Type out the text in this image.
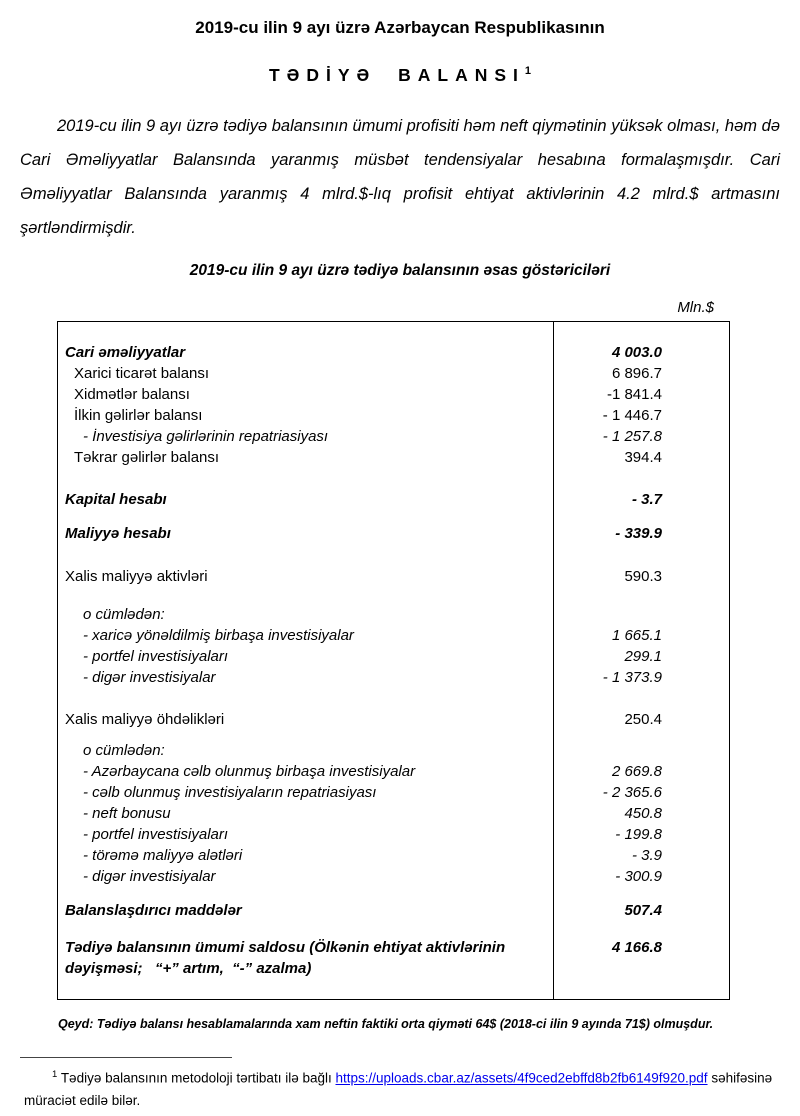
2019-cu ilin 9 ayı üzrə Azərbaycan Respublikasının
TƏDİYƏ BALANSI$^1$

2019-cu ilin 9 ayı üzrə tədiyə balansının ümumi profisiti həm neft qiymətinin yüksək olması, həm də Cari Əməliyyatlar Balansında yaranmış müsbət tendensiyalar hesabına formalaşmışdır. Cari Əməliyyatlar Balansında yaranmış 4 mlrd.$-lıq profisit ehtiyat aktivlərinin 4.2 mlrd.$ artmasını şərtləndirmişdir.

2019-cu ilin 9 ayı üzrə tədiyə balansının əsas göstəriciləri
Mln.$
Cari əməliyyatlar	4 003.0
Xarici ticarət balansı	6 896.7
Xidmətlər balansı	-1 841.4
İlkin gəlirlər balansı	- 1 446.7
- İnvestisiya gəlirlərinin repatriasiyası	- 1 257.8
Təkrar gəlirlər balansı	394.4
Kapital hesabı	- 3.7
Maliyyə hesabı	- 339.9
Xalis maliyyə aktivləri	590.3
o cümlədən:
- xaricə yönəldilmiş birbaşa investisiyalar	1 665.1
- portfel investisiyaları	299.1
- digər investisiyalar	- 1 373.9
Xalis maliyyə öhdəlikləri	250.4
o cümlədən:
- Azərbaycana cəlb olunmuş birbaşa investisiyalar	2 669.8
- cəlb olunmuş investisiyaların repatriasiyası	- 2 365.6
- neft bonusu	450.8
- portfel investisiyaları	- 199.8
- törəmə maliyyə alətləri	- 3.9
- digər investisiyalar	- 300.9
Balanslaşdırıcı maddələr	507.4
Tədiyə balansının ümumi saldosu (Ölkənin ehtiyat aktivlərinin dəyişməsi;   “+” artım,  “-” azalma)
4 166.8
Qeyd: Tədiyə balansı hesablamalarında xam neftin faktiki orta qiyməti 64$ (2018-ci ilin 9 ayında 71$) olmuşdur.
$^1$ Tədiyə balansının metodoloji tərtibatı ilə bağlı https://uploads.cbar.az/assets/4f9ced2ebffd8b2fb6149f920.pdf səhifəsinə müraciət edilə bilər.
